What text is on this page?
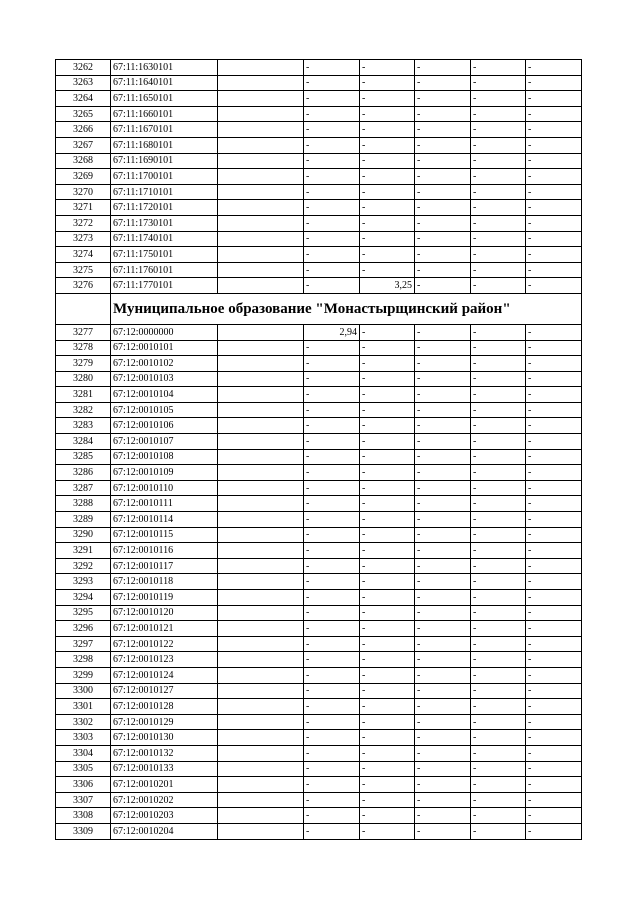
3262	67:11:1630101		-	-	-	-	-
3263	67:11:1640101		-	-	-	-	-
3264	67:11:1650101		-	-	-	-	-
3265	67:11:1660101		-	-	-	-	-
3266	67:11:1670101		-	-	-	-	-
3267	67:11:1680101		-	-	-	-	-
3268	67:11:1690101		-	-	-	-	-
3269	67:11:1700101		-	-	-	-	-
3270	67:11:1710101		-	-	-	-	-
3271	67:11:1720101		-	-	-	-	-
3272	67:11:1730101		-	-	-	-	-
3273	67:11:1740101		-	-	-	-	-
3274	67:11:1750101		-	-	-	-	-
3275	67:11:1760101		-	-	-	-	-
3276	67:11:1770101		-	3,25	-	-	-
	Муниципальное образование "Монастырщинский район"						
3277	67:12:0000000		2,94	-	-	-	-
3278	67:12:0010101		-	-	-	-	-
3279	67:12:0010102		-	-	-	-	-
3280	67:12:0010103		-	-	-	-	-
3281	67:12:0010104		-	-	-	-	-
3282	67:12:0010105		-	-	-	-	-
3283	67:12:0010106		-	-	-	-	-
3284	67:12:0010107		-	-	-	-	-
3285	67:12:0010108		-	-	-	-	-
3286	67:12:0010109		-	-	-	-	-
3287	67:12:0010110		-	-	-	-	-
3288	67:12:0010111		-	-	-	-	-
3289	67:12:0010114		-	-	-	-	-
3290	67:12:0010115		-	-	-	-	-
3291	67:12:0010116		-	-	-	-	-
3292	67:12:0010117		-	-	-	-	-
3293	67:12:0010118		-	-	-	-	-
3294	67:12:0010119		-	-	-	-	-
3295	67:12:0010120		-	-	-	-	-
3296	67:12:0010121		-	-	-	-	-
3297	67:12:0010122		-	-	-	-	-
3298	67:12:0010123		-	-	-	-	-
3299	67:12:0010124		-	-	-	-	-
3300	67:12:0010127		-	-	-	-	-
3301	67:12:0010128		-	-	-	-	-
3302	67:12:0010129		-	-	-	-	-
3303	67:12:0010130		-	-	-	-	-
3304	67:12:0010132		-	-	-	-	-
3305	67:12:0010133		-	-	-	-	-
3306	67:12:0010201		-	-	-	-	-
3307	67:12:0010202		-	-	-	-	-
3308	67:12:0010203		-	-	-	-	-
3309	67:12:0010204		-	-	-	-	-
